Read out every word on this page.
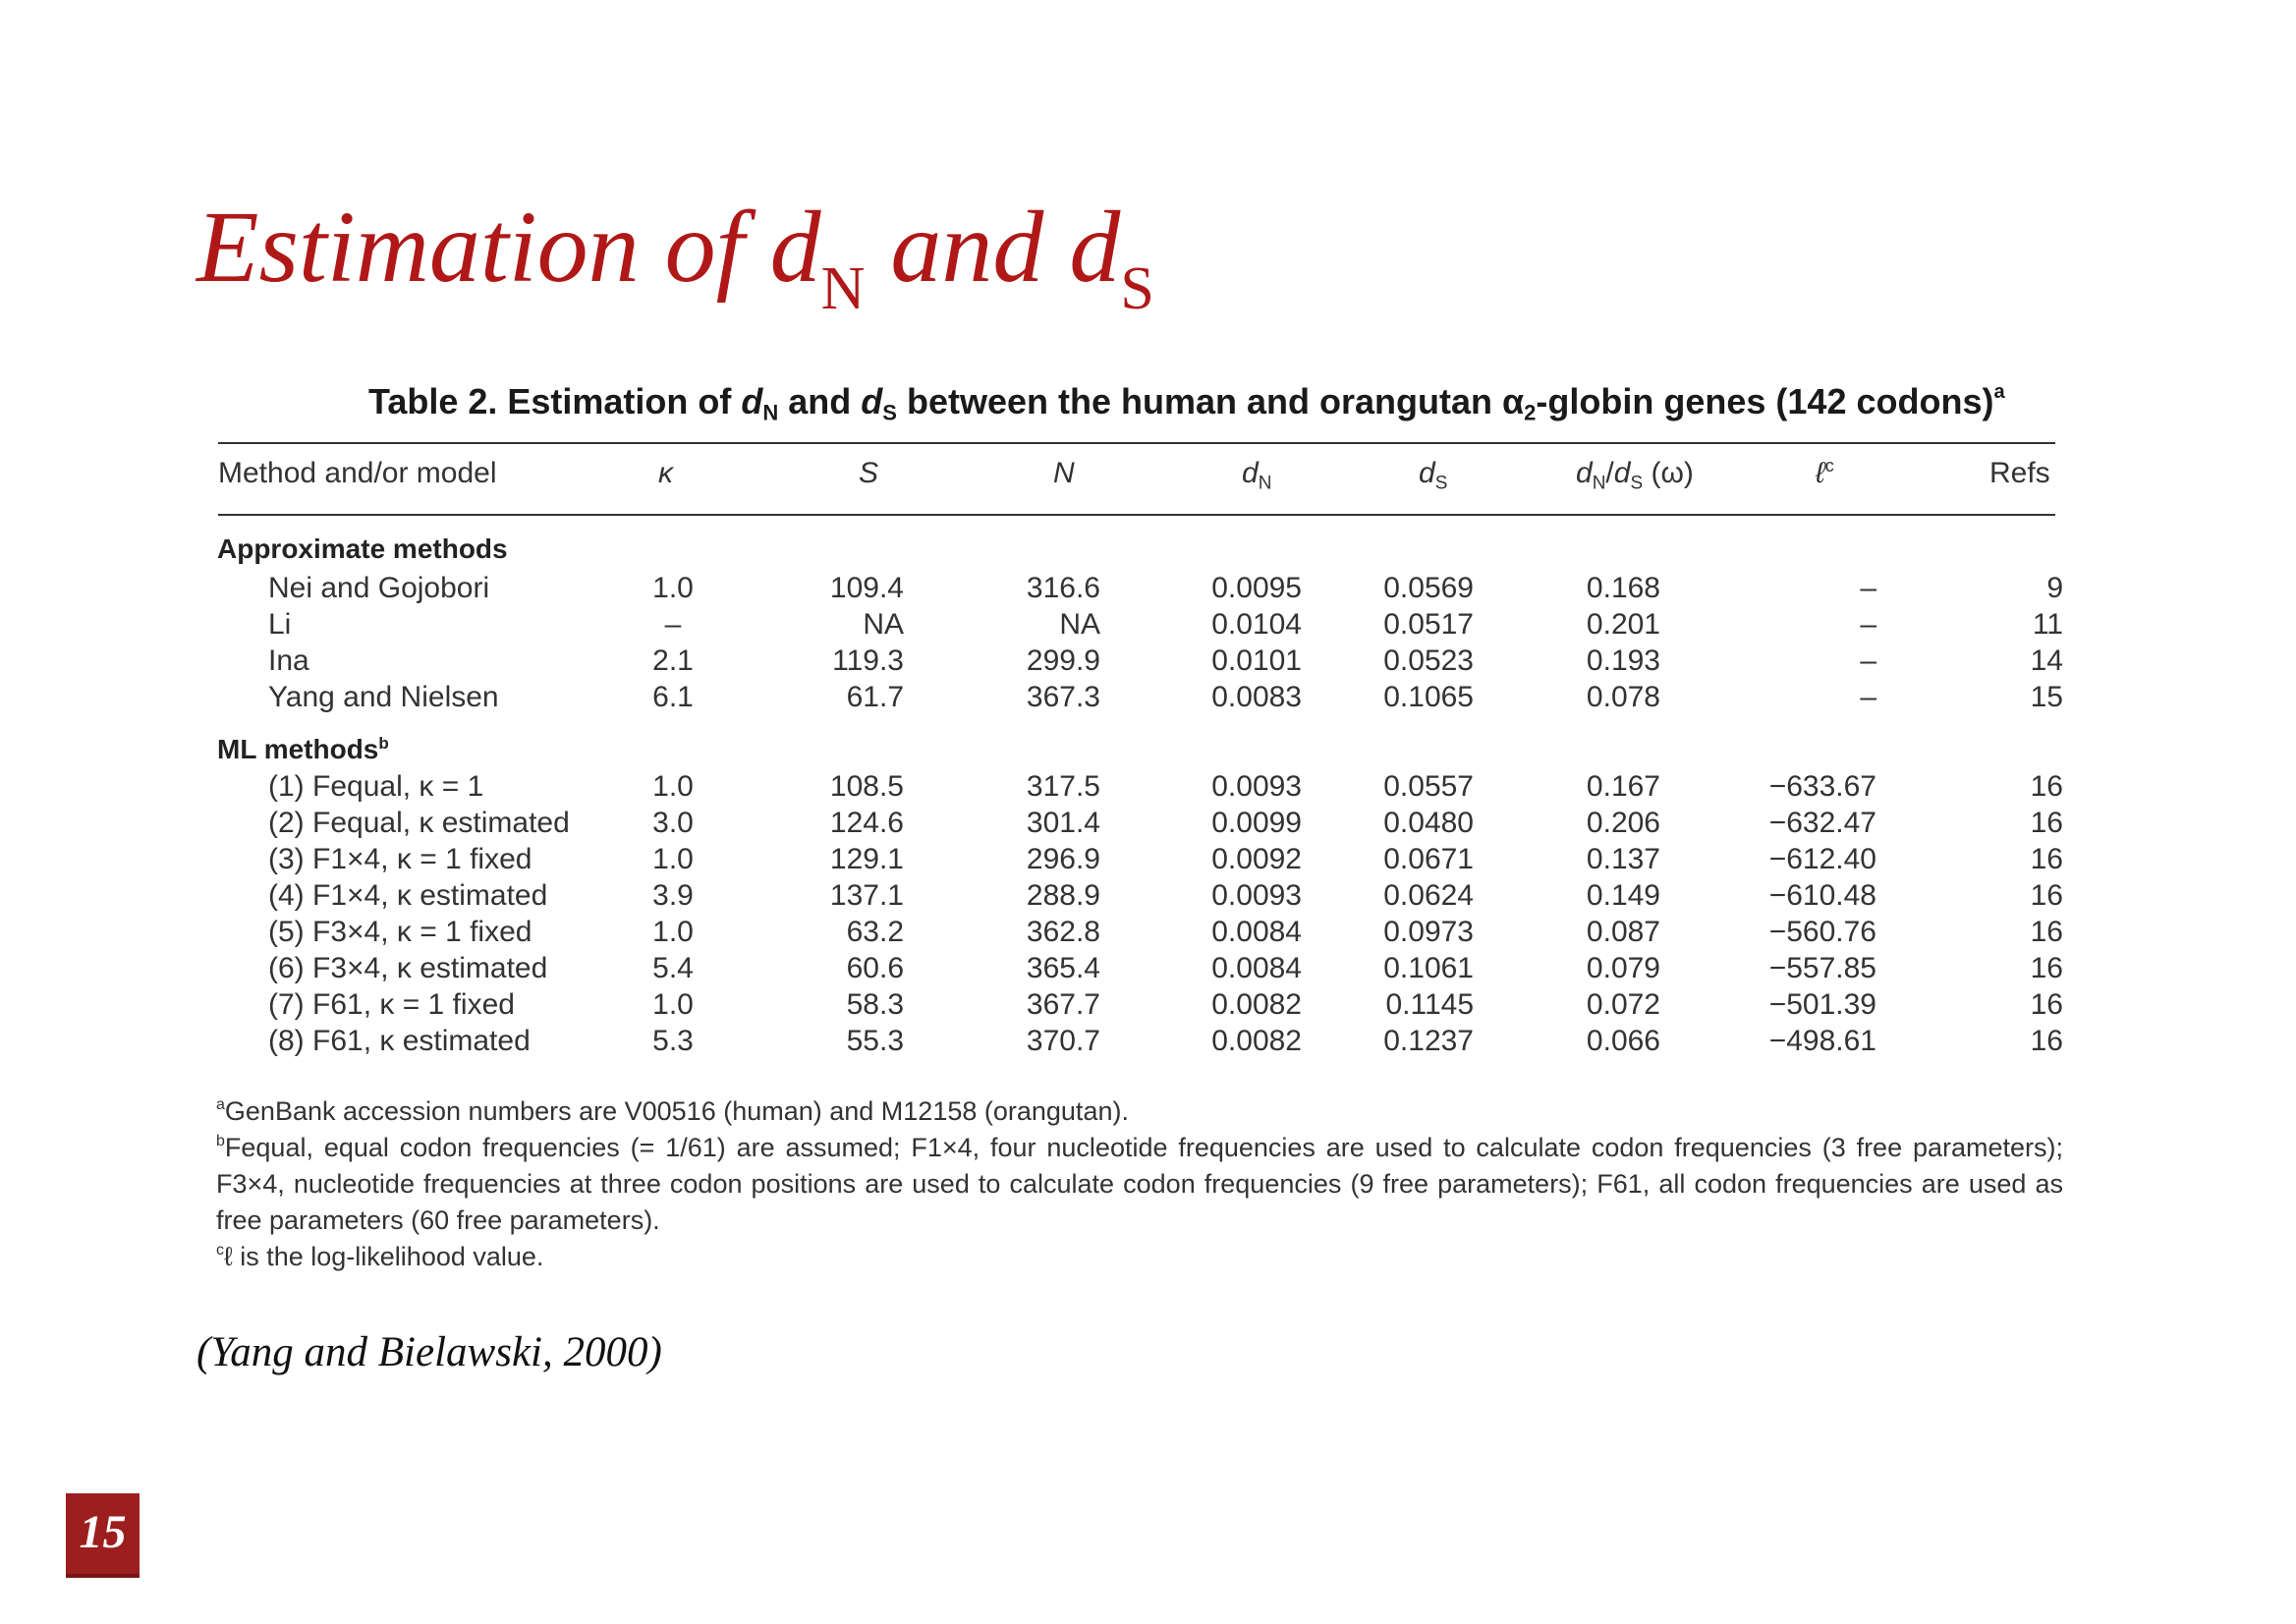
Estimation of $d_N$ and $d_S$
Table 2. Estimation of $d_N$ and $d_S$ between the human and orangutan $\alpha_2$-globin genes (142 codons)$^a$
Method and/or model	κ	S	N	$d_N$	$d_S$	$d_N/d_S$ (ω)	ℓ$^c$	Refs
Approximate methods
ML methods$^b$
Nei and Gojobori	1.0	109.4	316.6	0.0095	0.0569	0.168	–	9
Li	–	NA	NA	0.0104	0.0517	0.201	–	11
Ina	2.1	119.3	299.9	0.0101	0.0523	0.193	–	14
Yang and Nielsen	6.1	61.7	367.3	0.0083	0.1065	0.078	–	15
(1) Fequal, κ = 1	1.0	108.5	317.5	0.0093	0.0557	0.167	−633.67	16
(2) Fequal, κ estimated	3.0	124.6	301.4	0.0099	0.0480	0.206	−632.47	16
(3) F1×4, κ = 1 fixed	1.0	129.1	296.9	0.0092	0.0671	0.137	−612.40	16
(4) F1×4, κ estimated	3.9	137.1	288.9	0.0093	0.0624	0.149	−610.48	16
(5) F3×4, κ = 1 fixed	1.0	63.2	362.8	0.0084	0.0973	0.087	−560.76	16
(6) F3×4, κ estimated	5.4	60.6	365.4	0.0084	0.1061	0.079	−557.85	16
(7) F61, κ = 1 fixed	1.0	58.3	367.7	0.0082	0.1145	0.072	−501.39	16
(8) F61, κ estimated	5.3	55.3	370.7	0.0082	0.1237	0.066	−498.61	16

$^a$GenBank accession numbers are V00516 (human) and M12158 (orangutan).

$^b$Fequal, equal codon frequencies (= 1/61) are assumed; F1×4, four nucleotide frequencies are used to calculate codon frequencies (3 free parameters); F3×4, nucleotide frequencies at three codon positions are used to calculate codon frequencies (9 free parameters); F61, all codon frequencies are used as free parameters (60 free parameters).

$^c$ℓ is the log-likelihood value.

(Yang and Bielawski, 2000)

15
